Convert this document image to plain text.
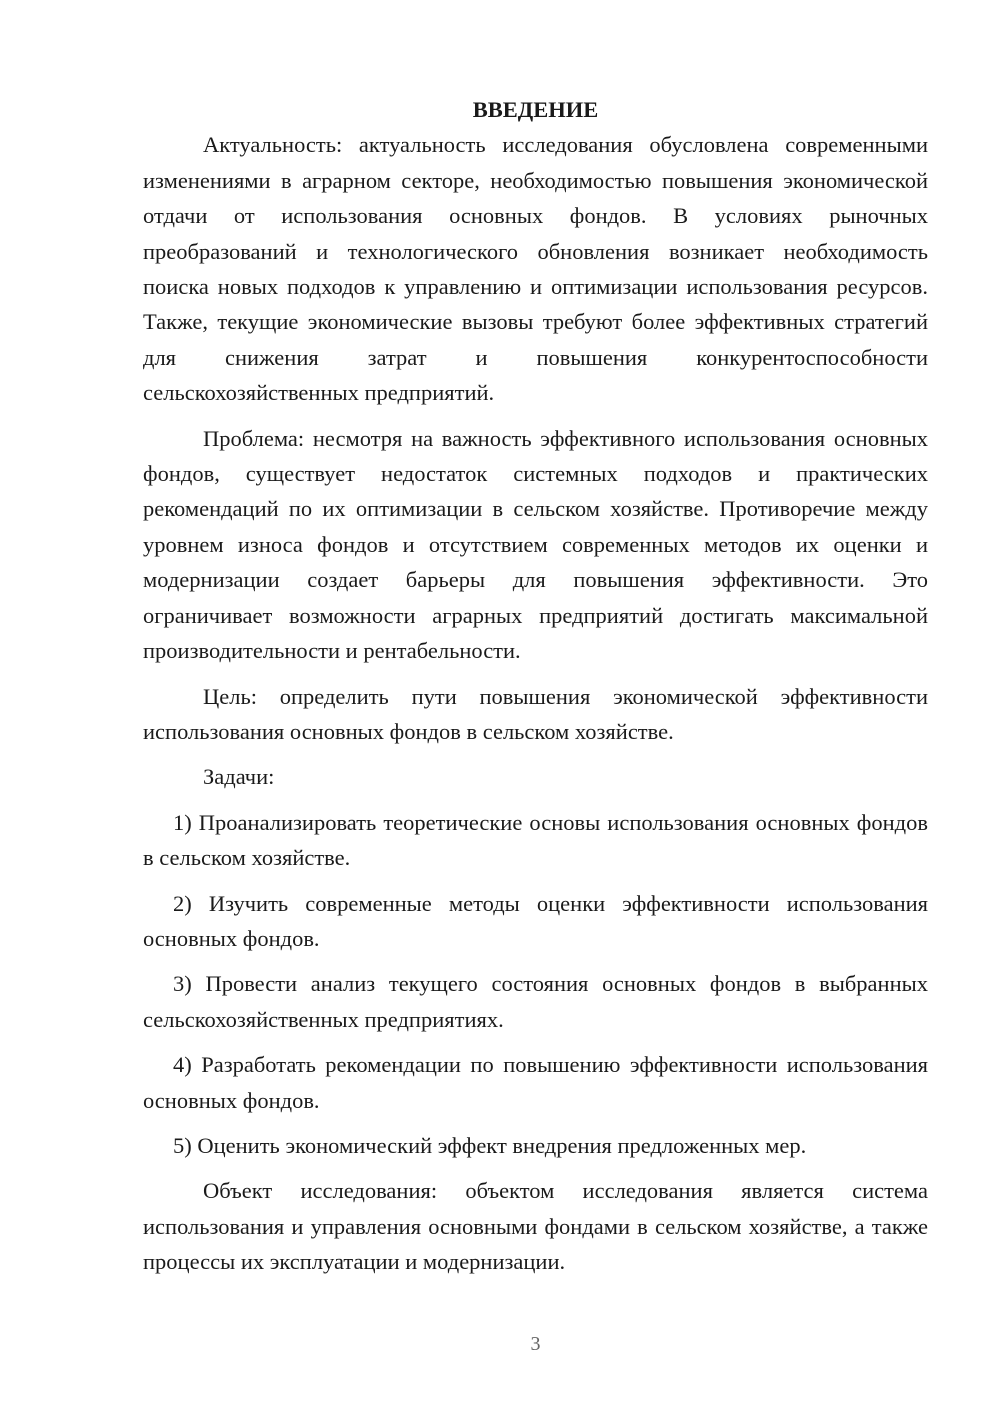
ВВЕДЕНИЕ

Актуальность: актуальность исследования обусловлена современными изменениями в аграрном секторе, необходимостью повышения экономической отдачи от использования основных фондов. В условиях рыночных преобразований и технологического обновления возникает необходимость поиска новых подходов к управлению и оптимизации использования ресурсов. Также, текущие экономические вызовы требуют более эффективных стратегий для снижения затрат и повышения конкурентоспособности сельскохозяйственных предприятий.

Проблема: несмотря на важность эффективного использования основных фондов, существует недостаток системных подходов и практических рекомендаций по их оптимизации в сельском хозяйстве. Противоречие между уровнем износа фондов и отсутствием современных методов их оценки и модернизации создает барьеры для повышения эффективности. Это ограничивает возможности аграрных предприятий достигать максимальной производительности и рентабельности.

Цель: определить пути повышения экономической эффективности использования основных фондов в сельском хозяйстве.

Задачи:

1) Проанализировать теоретические основы использования основных фондов в сельском хозяйстве.

2) Изучить современные методы оценки эффективности использования основных фондов.

3) Провести анализ текущего состояния основных фондов в выбранных сельскохозяйственных предприятиях.

4) Разработать рекомендации по повышению эффективности использования основных фондов.

5) Оценить экономический эффект внедрения предложенных мер.

Объект исследования: объектом исследования является система использования и управления основными фондами в сельском хозяйстве, а также процессы их эксплуатации и модернизации.

3
